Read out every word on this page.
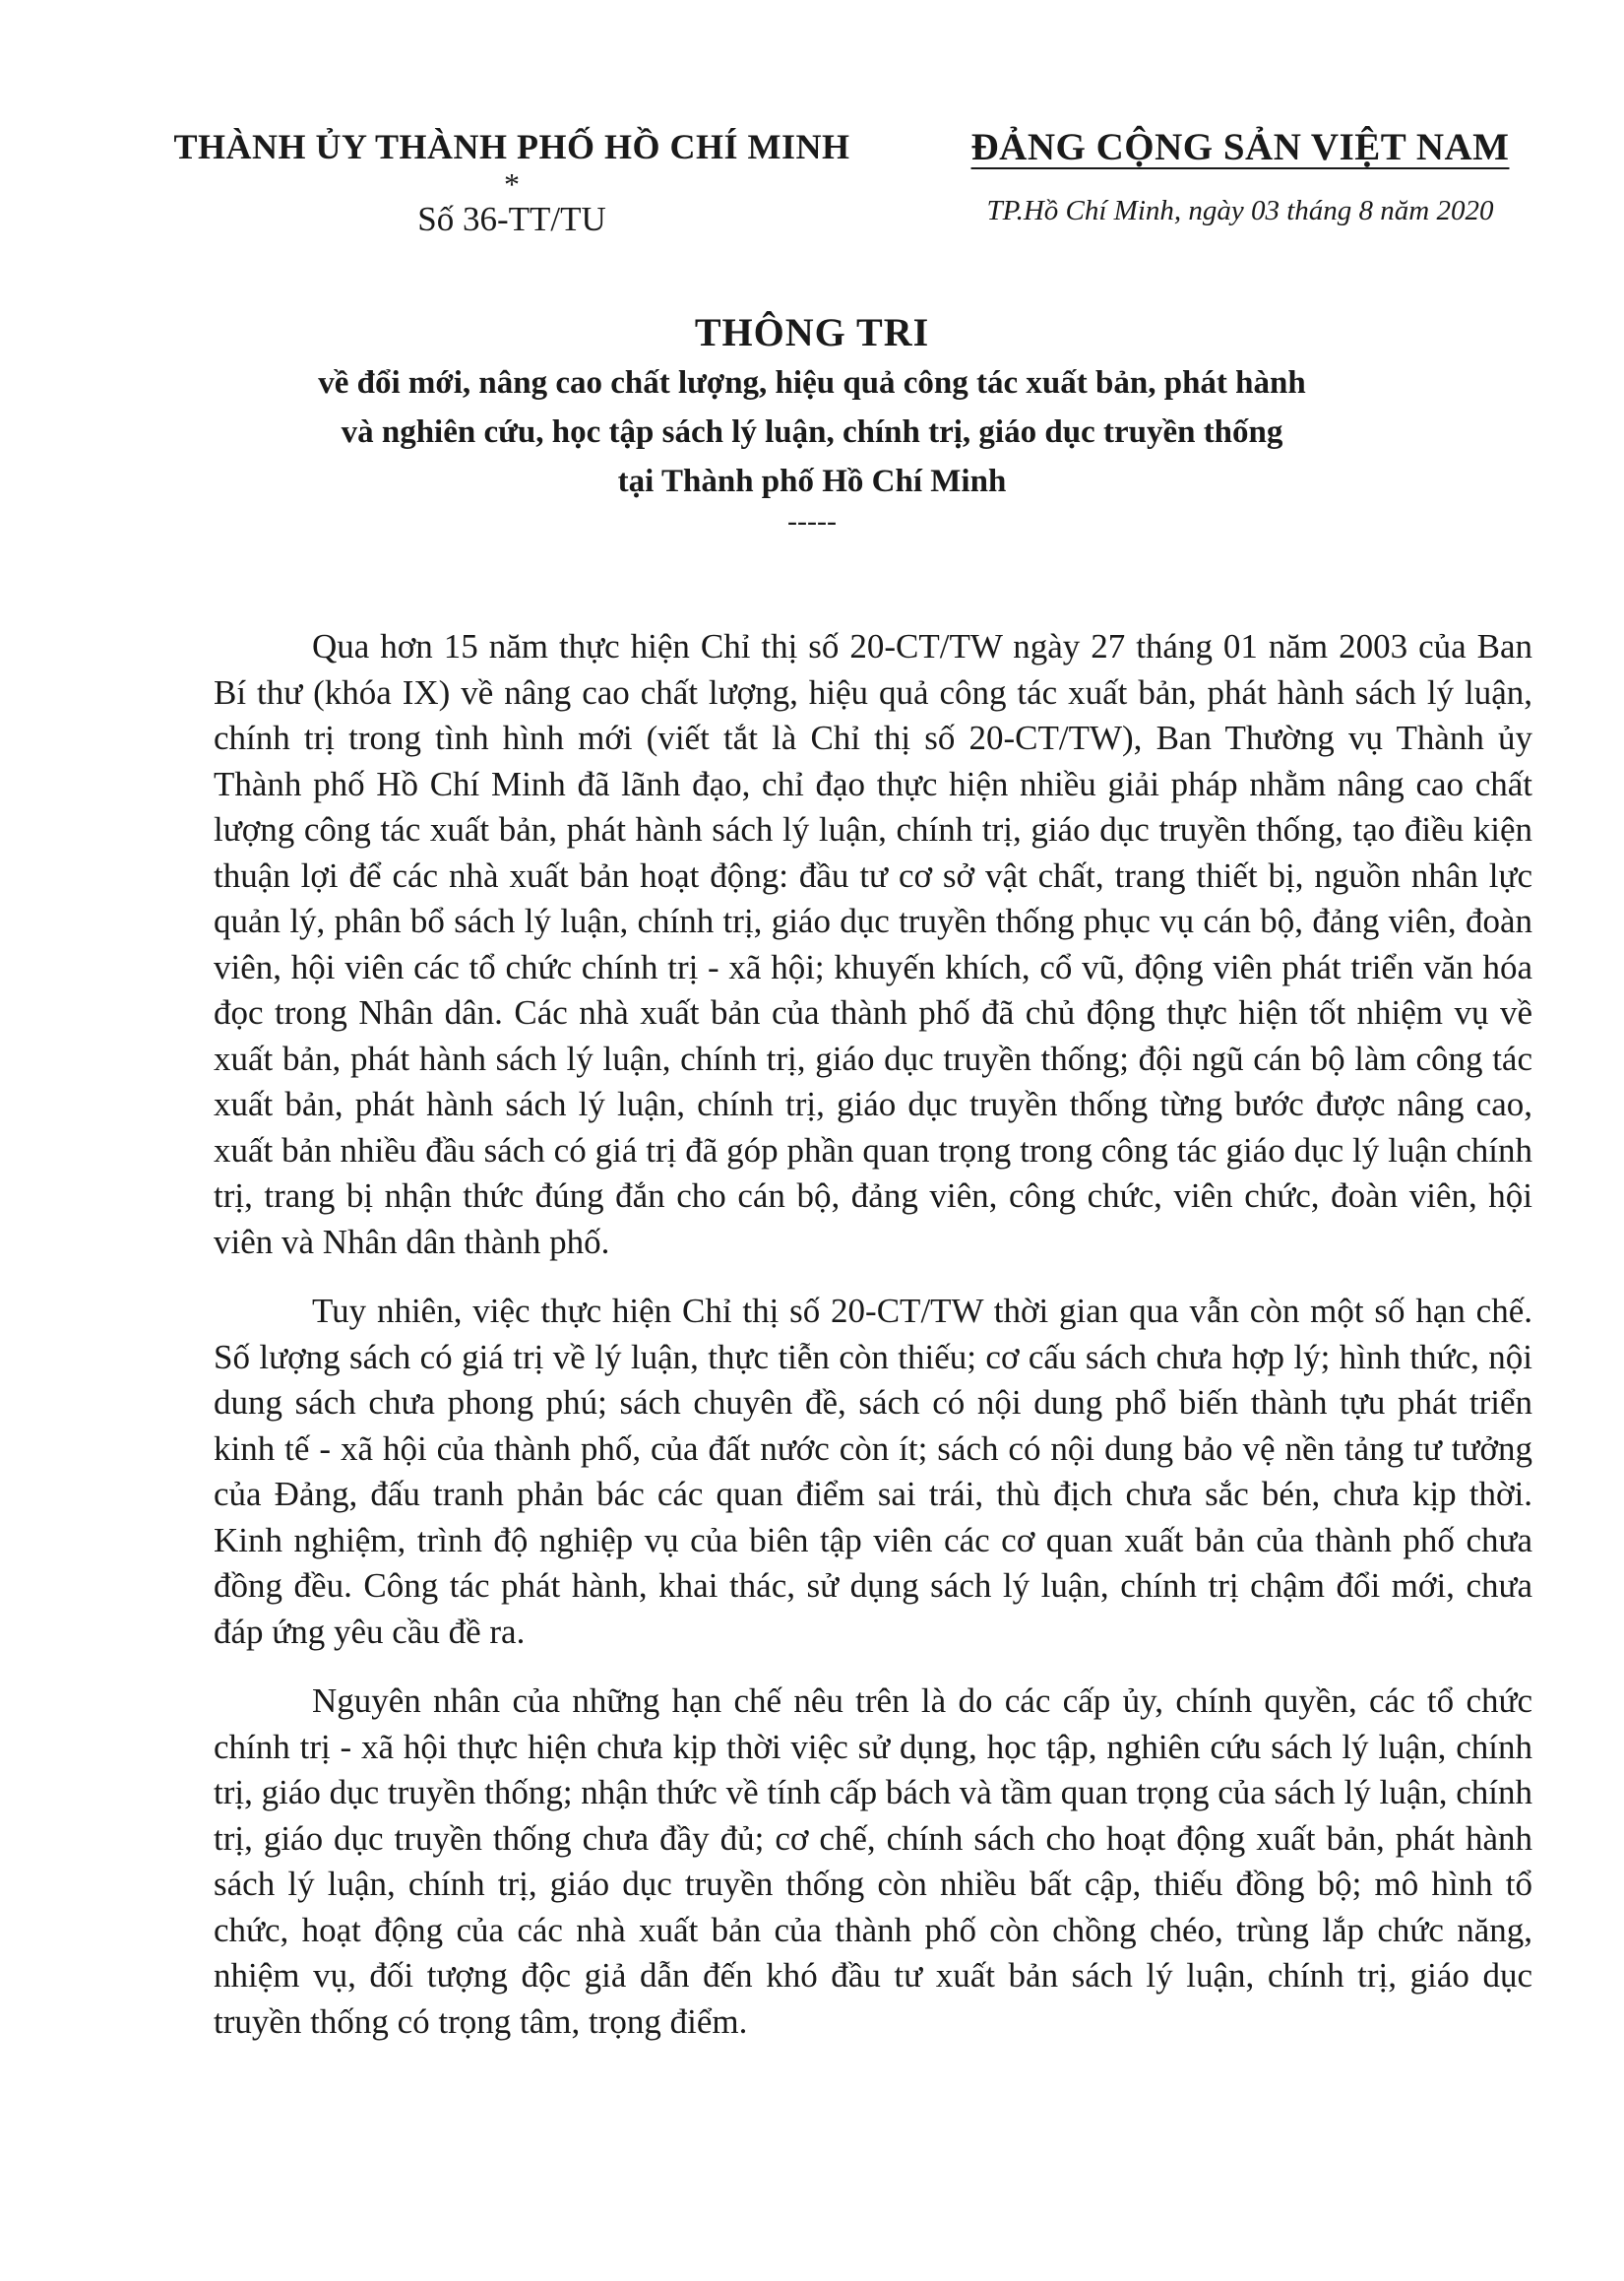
THÀNH ỦY THÀNH PHỐ HỒ CHÍ MINH
*
Số 36-TT/TU
ĐẢNG CỘNG SẢN VIỆT NAM
TP.Hồ Chí Minh, ngày 03 tháng 8 năm 2020
THÔNG TRI
về đổi mới, nâng cao chất lượng, hiệu quả công tác xuất bản, phát hành
và nghiên cứu, học tập sách lý luận, chính trị, giáo dục truyền thống
tại Thành phố Hồ Chí Minh
-----

Qua hơn 15 năm thực hiện Chỉ thị số 20-CT/TW ngày 27 tháng 01 năm 2003 của Ban Bí thư (khóa IX) về nâng cao chất lượng, hiệu quả công tác xuất bản, phát hành sách lý luận, chính trị trong tình hình mới (viết tắt là Chỉ thị số 20-CT/TW), Ban Thường vụ Thành ủy Thành phố Hồ Chí Minh đã lãnh đạo, chỉ đạo thực hiện nhiều giải pháp nhằm nâng cao chất lượng công tác xuất bản, phát hành sách lý luận, chính trị, giáo dục truyền thống, tạo điều kiện thuận lợi để các nhà xuất bản hoạt động: đầu tư cơ sở vật chất, trang thiết bị, nguồn nhân lực quản lý, phân bổ sách lý luận, chính trị, giáo dục truyền thống phục vụ cán bộ, đảng viên, đoàn viên, hội viên các tổ chức chính trị - xã hội; khuyến khích, cổ vũ, động viên phát triển văn hóa đọc trong Nhân dân. Các nhà xuất bản của thành phố đã chủ động thực hiện tốt nhiệm vụ về xuất bản, phát hành sách lý luận, chính trị, giáo dục truyền thống; đội ngũ cán bộ làm công tác xuất bản, phát hành sách lý luận, chính trị, giáo dục truyền thống từng bước được nâng cao, xuất bản nhiều đầu sách có giá trị đã góp phần quan trọng trong công tác giáo dục lý luận chính trị, trang bị nhận thức đúng đắn cho cán bộ, đảng viên, công chức, viên chức, đoàn viên, hội viên và Nhân dân thành phố.

Tuy nhiên, việc thực hiện Chỉ thị số 20-CT/TW thời gian qua vẫn còn một số hạn chế. Số lượng sách có giá trị về lý luận, thực tiễn còn thiếu; cơ cấu sách chưa hợp lý; hình thức, nội dung sách chưa phong phú; sách chuyên đề, sách có nội dung phổ biến thành tựu phát triển kinh tế - xã hội của thành phố, của đất nước còn ít; sách có nội dung bảo vệ nền tảng tư tưởng của Đảng, đấu tranh phản bác các quan điểm sai trái, thù địch chưa sắc bén, chưa kịp thời. Kinh nghiệm, trình độ nghiệp vụ của biên tập viên các cơ quan xuất bản của thành phố chưa đồng đều. Công tác phát hành, khai thác, sử dụng sách lý luận, chính trị chậm đổi mới, chưa đáp ứng yêu cầu đề ra.

Nguyên nhân của những hạn chế nêu trên là do các cấp ủy, chính quyền, các tổ chức chính trị - xã hội thực hiện chưa kịp thời việc sử dụng, học tập, nghiên cứu sách lý luận, chính trị, giáo dục truyền thống; nhận thức về tính cấp bách và tầm quan trọng của sách lý luận, chính trị, giáo dục truyền thống chưa đầy đủ; cơ chế, chính sách cho hoạt động xuất bản, phát hành sách lý luận, chính trị, giáo dục truyền thống còn nhiều bất cập, thiếu đồng bộ; mô hình tổ chức, hoạt động của các nhà xuất bản của thành phố còn chồng chéo, trùng lắp chức năng, nhiệm vụ, đối tượng độc giả dẫn đến khó đầu tư xuất bản sách lý luận, chính trị, giáo dục truyền thống có trọng tâm, trọng điểm.
